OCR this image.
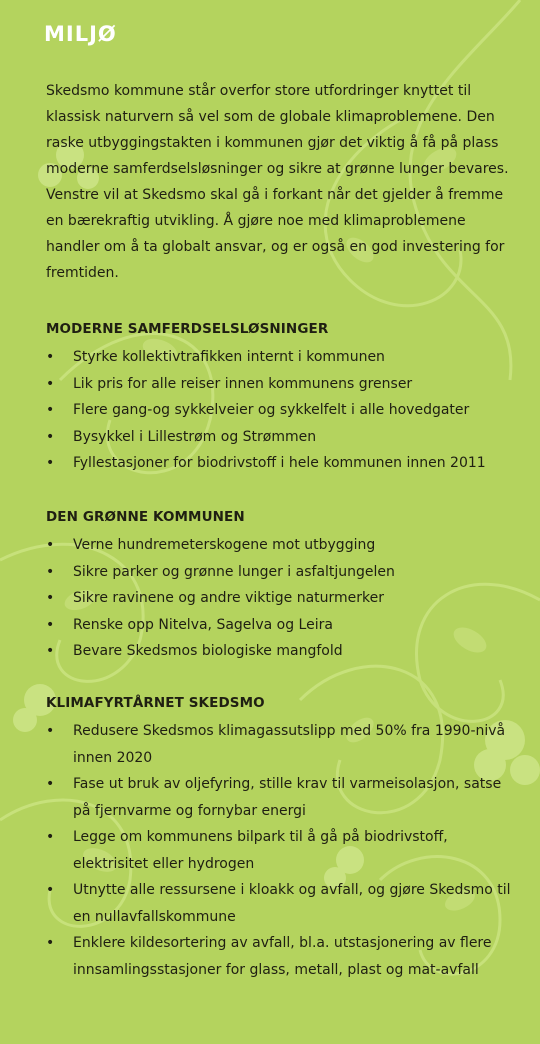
MILJØ

Skedsmo kommune står overfor store utfordringer knyttet til klassisk naturvern så vel som de globale klimaproblemene. Den raske utbyggingstakten i kommunen gjør det viktig å få på plass moderne samferdselsløsninger og sikre at grønne lunger bevares. Venstre vil at Skedsmo skal gå i forkant når det gjelder å fremme en bærekraftig utvikling. Å gjøre noe med klimaproblemene handler om å ta globalt ansvar, og er også en god investering for fremtiden.

MODERNE SAMFERDSELSLØSNINGER
• Styrke kollektivtrafikken internt i kommunen
• Lik pris for alle reiser innen kommunens grenser
• Flere gang-og sykkelveier og sykkelfelt i alle hovedgater
• Bysykkel i Lillestrøm og Strømmen
• Fyllestasjoner for biodrivstoff i hele kommunen innen 2011
DEN GRØNNE KOMMUNEN
• Verne hundremeterskogene mot utbygging
• Sikre parker og grønne lunger i asfaltjungelen
• Sikre ravinene og andre viktige naturmerker
• Renske opp Nitelva, Sagelva og Leira
• Bevare Skedsmos biologiske mangfold
KLIMAFYRTÅRNET SKEDSMO
• Redusere Skedsmos klimagassutslipp med 50% fra 1990-nivå innen 2020
• Fase ut bruk av oljefyring, stille krav til varmeisolasjon, satse på fjernvarme og fornybar energi
• Legge om kommunens bilpark til å gå på biodrivstoff, elektrisitet eller hydrogen
• Utnytte alle ressursene i kloakk og avfall, og gjøre Skedsmo til en nullavfallskommune
• Enklere kildesortering av avfall, bl.a. utstasjonering av flere innsamlingsstasjoner for glass, metall, plast og mat-avfall
